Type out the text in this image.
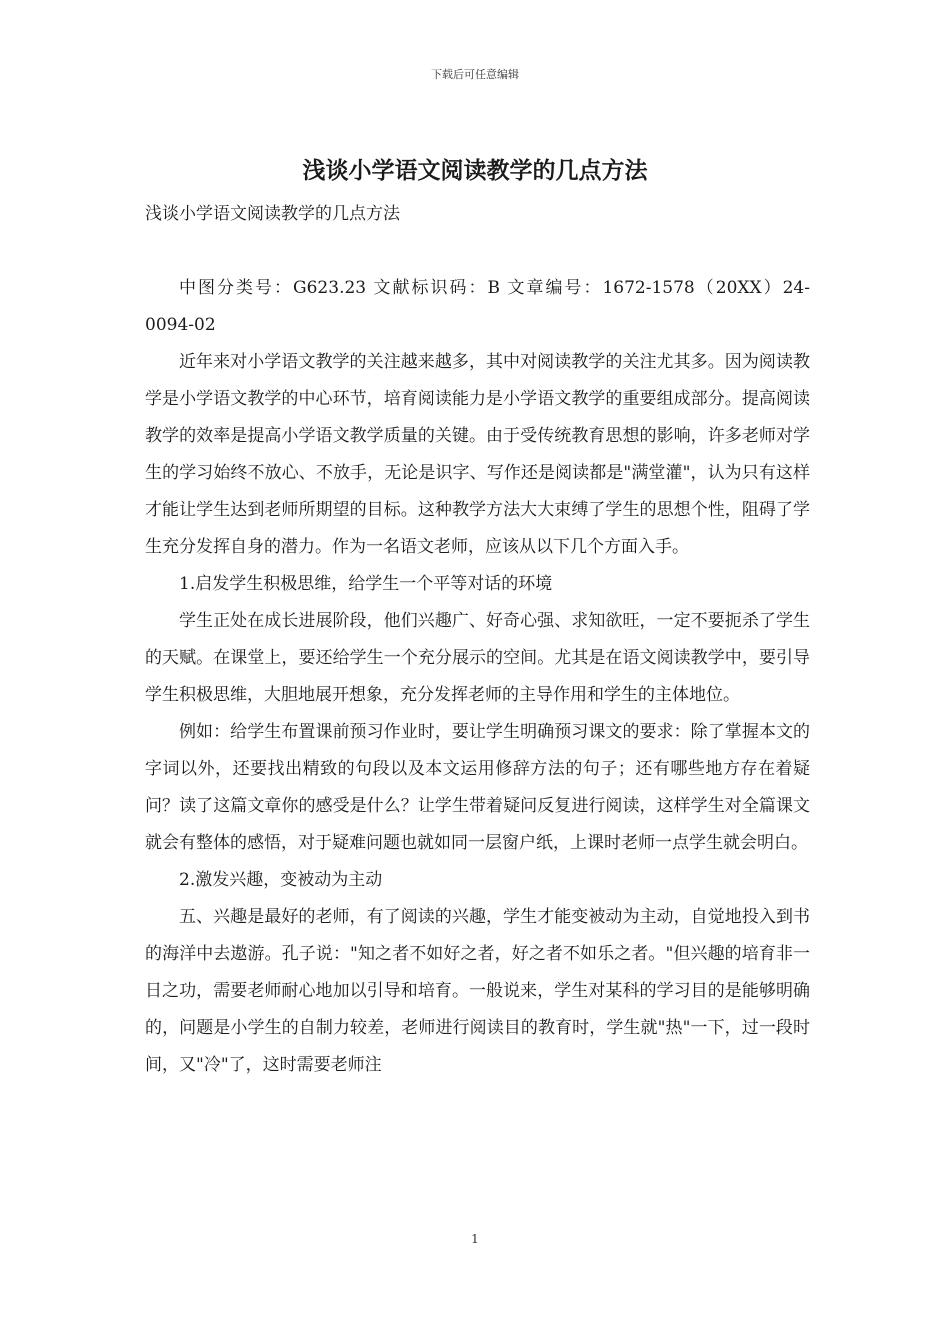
下载后可任意编辑
浅谈小学语文阅读教学的几点方法

浅谈小学语文阅读教学的几点方法

中图分类号：G623.23 文献标识码：B 文章编号：1672-1578（20XX）24-0094-02

近年来对小学语文教学的关注越来越多，其中对阅读教学的关注尤其多。因为阅读教学是小学语文教学的中心环节，培育阅读能力是小学语文教学的重要组成部分。提高阅读教学的效率是提高小学语文教学质量的关键。由于受传统教育思想的影响，许多老师对学生的学习始终不放心、不放手，无论是识字、写作还是阅读都是"满堂灌"，认为只有这样才能让学生达到老师所期望的目标。这种教学方法大大束缚了学生的思想个性，阻碍了学生充分发挥自身的潜力。作为一名语文老师，应该从以下几个方面入手。

1.启发学生积极思维，给学生一个平等对话的环境

学生正处在成长进展阶段，他们兴趣广、好奇心强、求知欲旺，一定不要扼杀了学生的天赋。在课堂上，要还给学生一个充分展示的空间。尤其是在语文阅读教学中，要引导学生积极思维，大胆地展开想象，充分发挥老师的主导作用和学生的主体地位。

例如：给学生布置课前预习作业时，要让学生明确预习课文的要求：除了掌握本文的字词以外，还要找出精致的句段以及本文运用修辞方法的句子；还有哪些地方存在着疑问？读了这篇文章你的感受是什么？让学生带着疑问反复进行阅读，这样学生对全篇课文就会有整体的感悟，对于疑难问题也就如同一层窗户纸，上课时老师一点学生就会明白。

2.激发兴趣，变被动为主动

五、兴趣是最好的老师，有了阅读的兴趣，学生才能变被动为主动，自觉地投入到书的海洋中去遨游。孔子说："知之者不如好之者，好之者不如乐之者。"但兴趣的培育非一日之功，需要老师耐心地加以引导和培育。一般说来，学生对某科的学习目的是能够明确的，问题是小学生的自制力较差，老师进行阅读目的教育时，学生就"热"一下，过一段时间，又"冷"了，这时需要老师注

1
